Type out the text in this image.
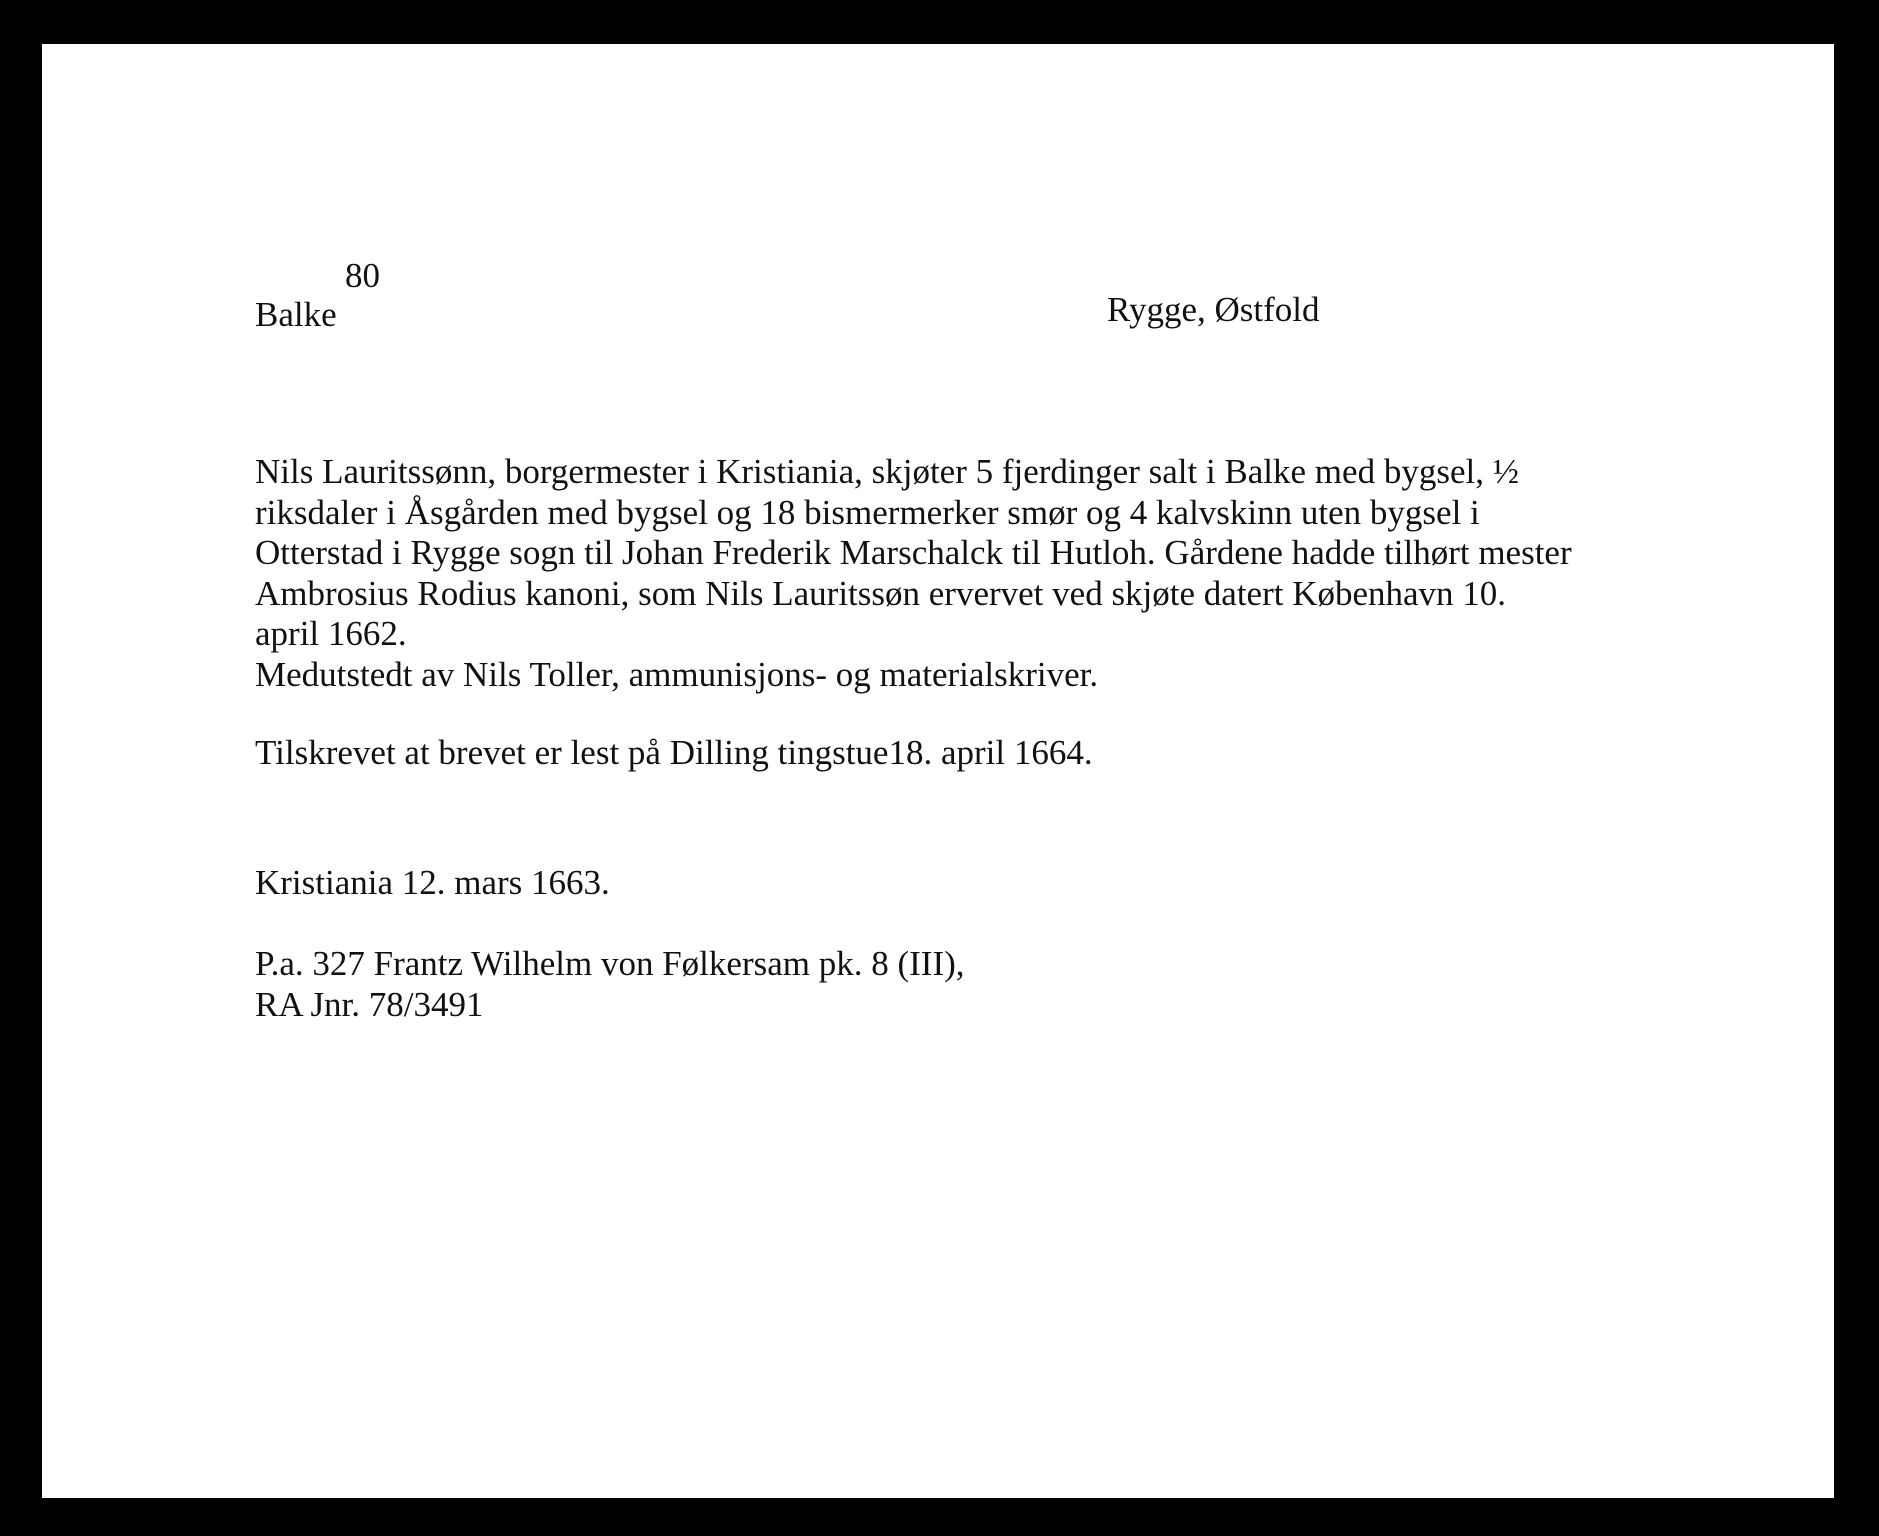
80
Balke	Rygge, Østfold
Nils Lauritssønn, borgermester i Kristiania, skjøter 5 fjerdinger salt i Balke med bygsel, ½
riksdaler i Åsgården med bygsel og 18 bismermerker smør og 4 kalvskinn uten bygsel i
Otterstad i Rygge sogn til Johan Frederik Marschalck til Hutloh. Gårdene hadde tilhørt mester
Ambrosius Rodius kanoni, som Nils Lauritssøn ervervet ved skjøte datert København 10.
april 1662.
Medutstedt av Nils Toller, ammunisjons- og materialskriver.
Tilskrevet at brevet er lest på Dilling tingstue18. april 1664.
Kristiania 12. mars 1663.
P.a. 327 Frantz Wilhelm von Følkersam pk. 8 (III),
RA Jnr. 78/3491
